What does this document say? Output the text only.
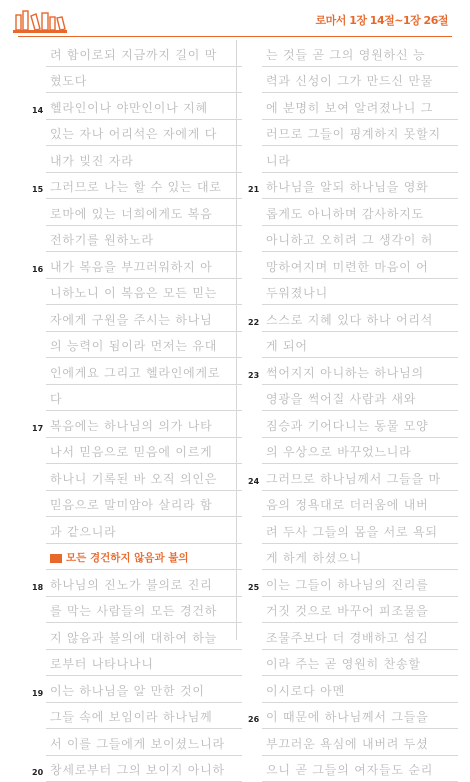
로마서 1장 14절~1장 26절
려 함이로되 지금까지 길이 막
혔도다
14 헬라인이나 야만인이나 지혜
있는 자나 어리석은 자에게 다
내가 빚진 자라
15 그러므로 나는 할 수 있는 대로
로마에 있는 너희에게도 복음
전하기를 원하노라
16 내가 복음을 부끄러워하지 아
니하노니 이 복음은 모든 믿는
자에게 구원을 주시는 하나님
의 능력이 됨이라 먼저는 유대
인에게요 그리고 헬라인에게로
다
17 복음에는 하나님의 의가 나타
나서 믿음으로 믿음에 이르게
하나니 기록된 바 오직 의인은
믿음으로 말미암아 살리라 함
과 같으니라
모든 경건하지 않음과 불의
18 하나님의 진노가 불의로 진리
를 막는 사람들의 모든 경건하
지 않음과 불의에 대하여 하늘
로부터 나타나나니
19 이는 하나님을 알 만한 것이
그들 속에 보임이라 하나님께
서 이를 그들에게 보이셨느니라
20 창세로부터 그의 보이지 아니하
는 것들 곧 그의 영원하신 능
력과 신성이 그가 만드신 만물
에 분명히 보여 알려졌나니 그
러므로 그들이 핑계하지 못할지
니라
21 하나님을 알되 하나님을 영화
롭게도 아니하며 감사하지도
아니하고 오히려 그 생각이 허
망하여지며 미련한 마음이 어
두워졌나니
22 스스로 지혜 있다 하나 어리석
게 되어
23 썩어지지 아니하는 하나님의
영광을 썩어질 사람과 새와
짐승과 기어다니는 동물 모양
의 우상으로 바꾸었느니라
24 그러므로 하나님께서 그들을 마
음의 정욕대로 더러움에 내버
려 두사 그들의 몸을 서로 욕되
게 하게 하셨으니
25 이는 그들이 하나님의 진리를
거짓 것으로 바꾸어 피조물을
조물주보다 더 경배하고 섬김
이라 주는 곧 영원히 찬송할
이시로다 아멘
26 이 때문에 하나님께서 그들을
부끄러운 욕심에 내버려 두셨
으니 곧 그들의 여자들도 순리
